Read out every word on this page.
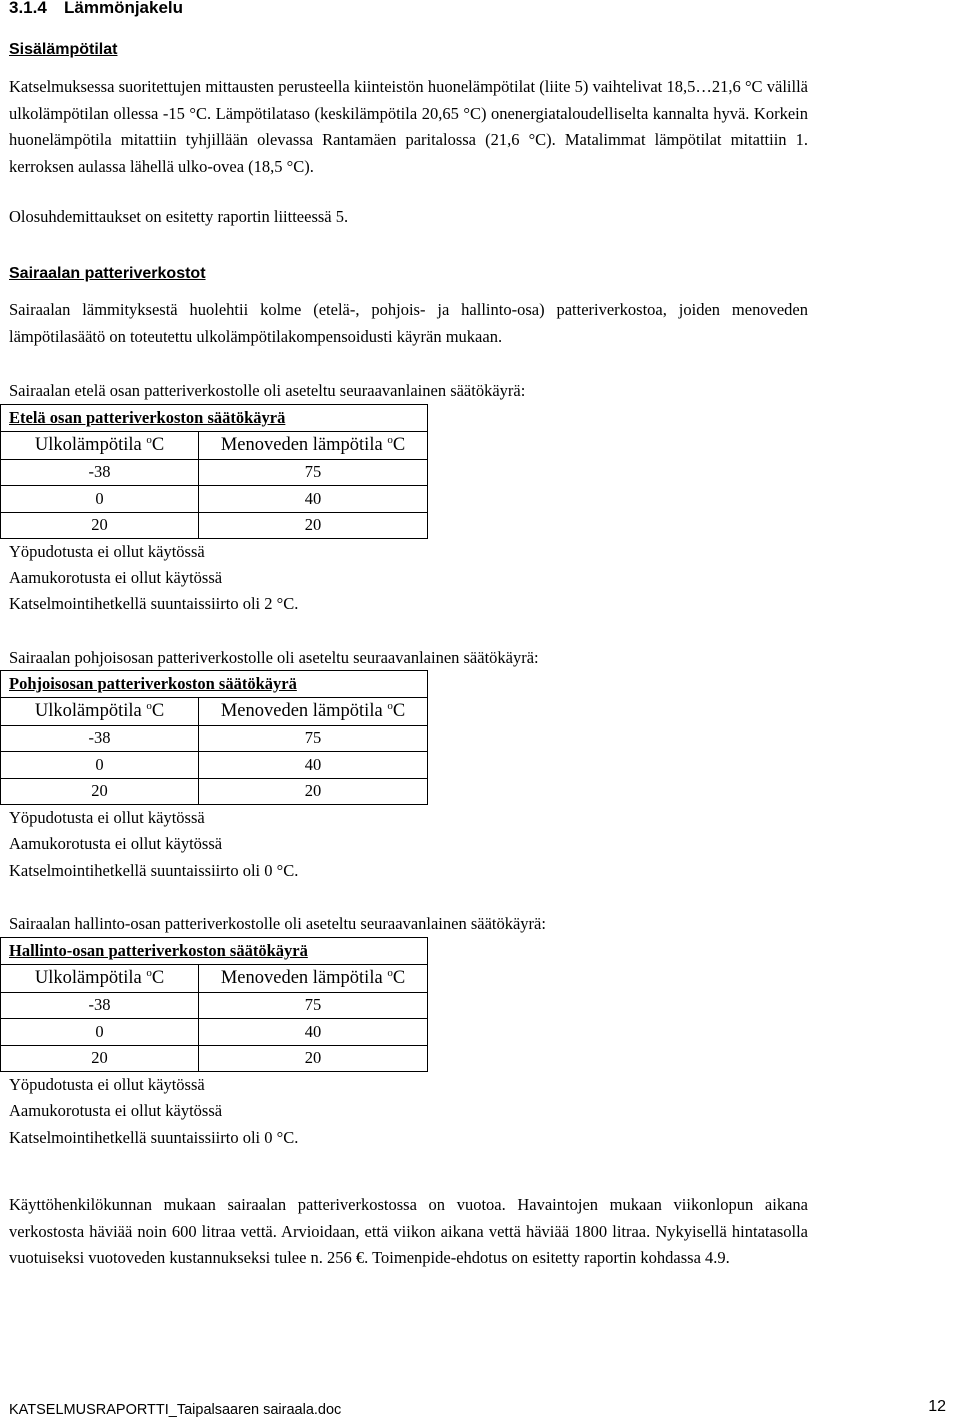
3.1.4 Lämmönjakelu
Sisälämpötilat
Katselmuksessa suoritettujen mittausten perusteella kiinteistön huonelämpötilat (liite 5) vaihtelivat 18,5…21,6 °C välillä ulkolämpötilan ollessa -15 °C. Lämpötilataso (keskilämpötila 20,65 °C) onenergiataloudelliselta kannalta hyvä. Korkein huonelämpötila mitattiin tyhjillään olevassa Rantamäen paritalossa (21,6 °C). Matalimmat lämpötilat mitattiin 1. kerroksen aulassa lähellä ulko-ovea (18,5 °C).
Olosuhdemittaukset on esitetty raportin liitteessä 5.
Sairaalan patteriverkostot
Sairaalan lämmityksestä huolehtii kolme (etelä-, pohjois- ja hallinto-osa) patteriverkostoa, joiden menoveden lämpötilasäätö on toteutettu ulkolämpötilakompensoidusti käyrän mukaan.
Sairaalan etelä osan patteriverkostolle oli aseteltu seuraavanlainen säätökäyrä:
Etelä osan patteriverkoston säätökäyrä	
Ulkolämpötila $^o$C	Menoveden lämpötila $^o$C
-38	75
0	40
20	20
Yöpudotusta ei ollut käytössä
Aamukorotusta ei ollut käytössä
Katselmointihetkellä suuntaissiirto oli 2 °C.
Sairaalan pohjoisosan patteriverkostolle oli aseteltu seuraavanlainen säätökäyrä:
Pohjoisosan patteriverkoston säätökäyrä	
Ulkolämpötila $^o$C	Menoveden lämpötila $^o$C
-38	75
0	40
20	20
Yöpudotusta ei ollut käytössä
Aamukorotusta ei ollut käytössä
Katselmointihetkellä suuntaissiirto oli 0 °C.
Sairaalan hallinto-osan patteriverkostolle oli aseteltu seuraavanlainen säätökäyrä:
Hallinto-osan patteriverkoston säätökäyrä	
Ulkolämpötila $^o$C	Menoveden lämpötila $^o$C
-38	75
0	40
20	20
Yöpudotusta ei ollut käytössä
Aamukorotusta ei ollut käytössä
Katselmointihetkellä suuntaissiirto oli 0 °C.
Käyttöhenkilökunnan mukaan sairaalan patteriverkostossa on vuotoa. Havaintojen mukaan viikonlopun aikana verkostosta häviää noin 600 litraa vettä. Arvioidaan, että viikon aikana vettä häviää 1800 litraa. Nykyisellä hintatasolla vuotuiseksi vuotoveden kustannukseksi tulee n. 256 €. Toimenpide-ehdotus on esitetty raportin kohdassa 4.9.
KATSELMUSRAPORTTI_Taipalsaaren sairaala.doc	12
